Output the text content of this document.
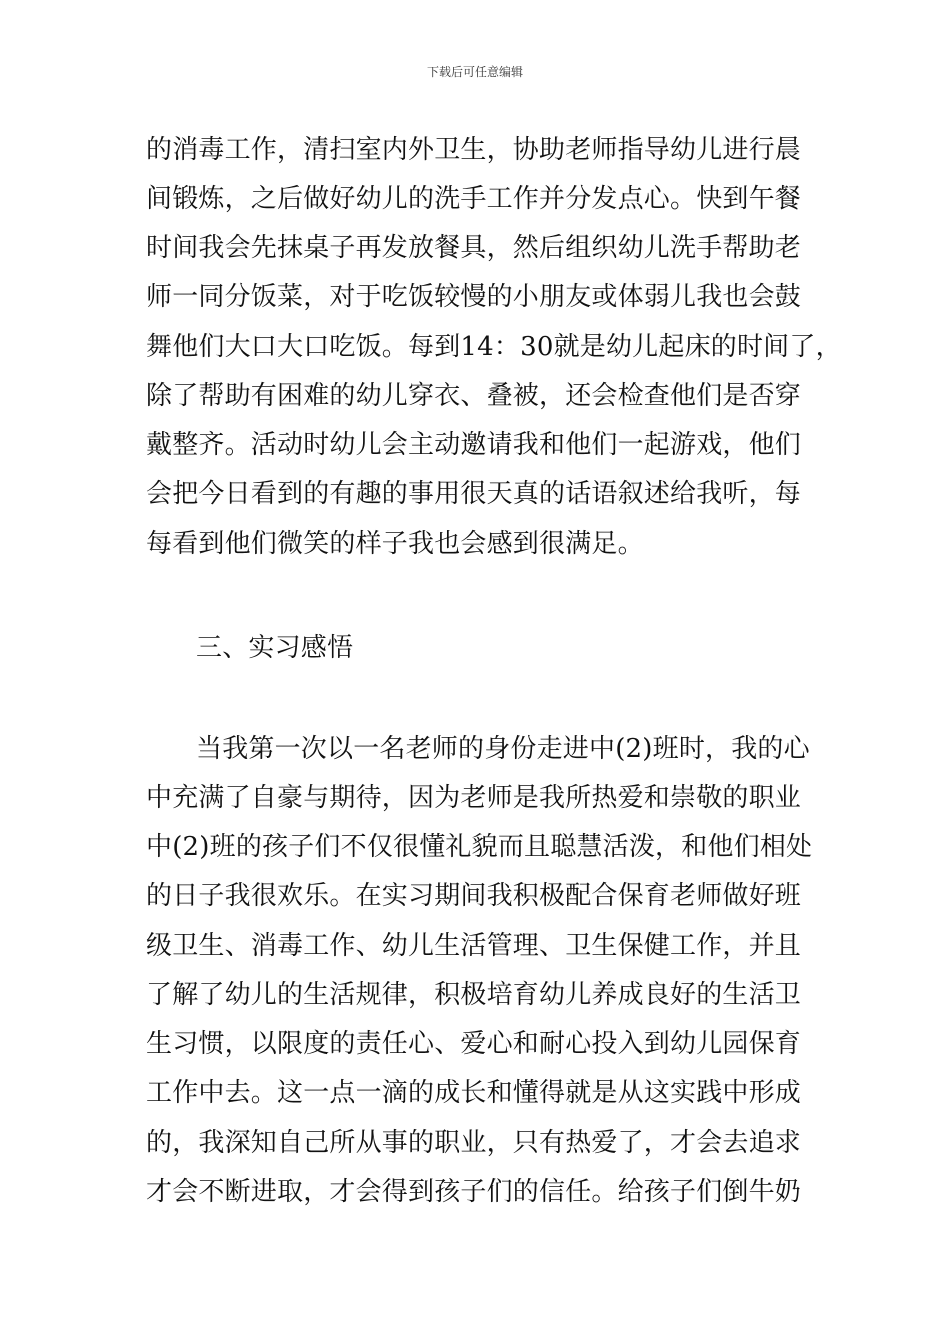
下载后可任意编辑
的消毒工作，清扫室内外卫生，协助老师指导幼儿进行晨
间锻炼，之后做好幼儿的洗手工作并分发点心。快到午餐
时间我会先抹桌子再发放餐具，然后组织幼儿洗手帮助老
师一同分饭菜，对于吃饭较慢的小朋友或体弱儿我也会鼓
舞他们大口大口吃饭。每到14：30就是幼儿起床的时间了，
除了帮助有困难的幼儿穿衣、叠被，还会检查他们是否穿
戴整齐。活动时幼儿会主动邀请我和他们一起游戏，他们
会把今日看到的有趣的事用很天真的话语叙述给我听，每
每看到他们微笑的样子我也会感到很满足。
三、实习感悟
当我第一次以一名老师的身份走进中(2)班时，我的心
中充满了自豪与期待，因为老师是我所热爱和崇敬的职业
中(2)班的孩子们不仅很懂礼貌而且聪慧活泼，和他们相处
的日子我很欢乐。在实习期间我积极配合保育老师做好班
级卫生、消毒工作、幼儿生活管理、卫生保健工作，并且
了解了幼儿的生活规律，积极培育幼儿养成良好的生活卫
生习惯，以限度的责任心、爱心和耐心投入到幼儿园保育
工作中去。这一点一滴的成长和懂得就是从这实践中形成
的，我深知自己所从事的职业，只有热爱了，才会去追求
才会不断进取，才会得到孩子们的信任。给孩子们倒牛奶
